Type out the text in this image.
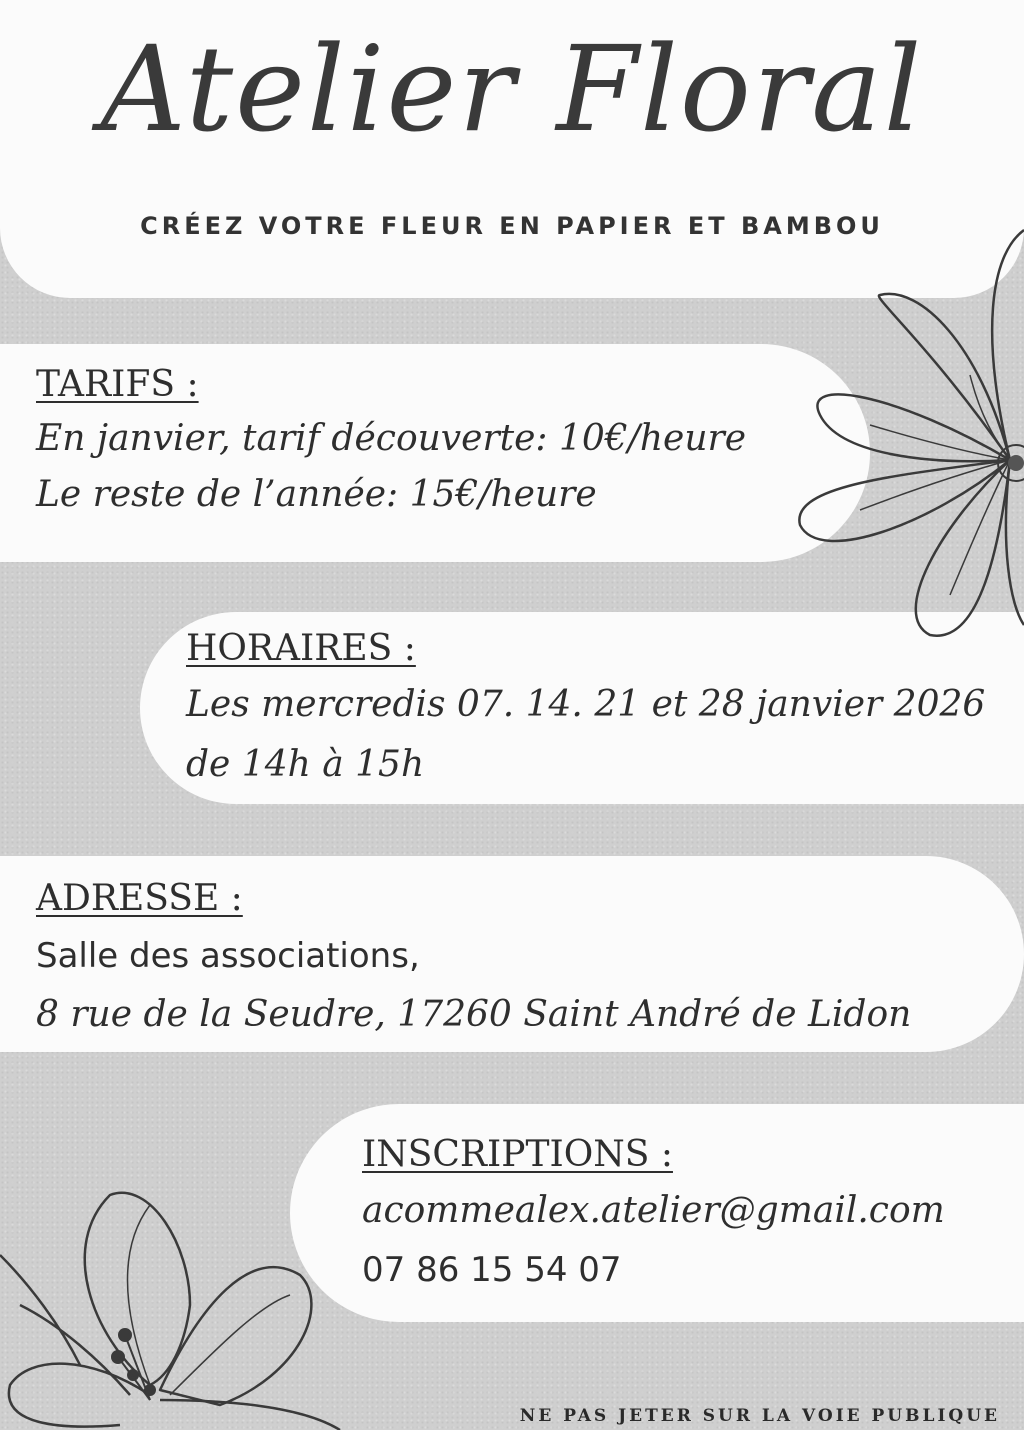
Atelier Floral
CRÉEZ VOTRE FLEUR EN PAPIER ET BAMBOU
TARIFS :
En janvier, tarif découverte: 10€/heure
Le reste de l’année: 15€/heure
HORAIRES :
Les mercredis 07. 14. 21 et 28 janvier 2026
de 14h à 15h
ADRESSE :
Salle des associations,
8 rue de la Seudre, 17260 Saint André de Lidon
INSCRIPTIONS :
acommealex.atelier@gmail.com
07 86 15 54 07
NE PAS JETER SUR LA VOIE PUBLIQUE
